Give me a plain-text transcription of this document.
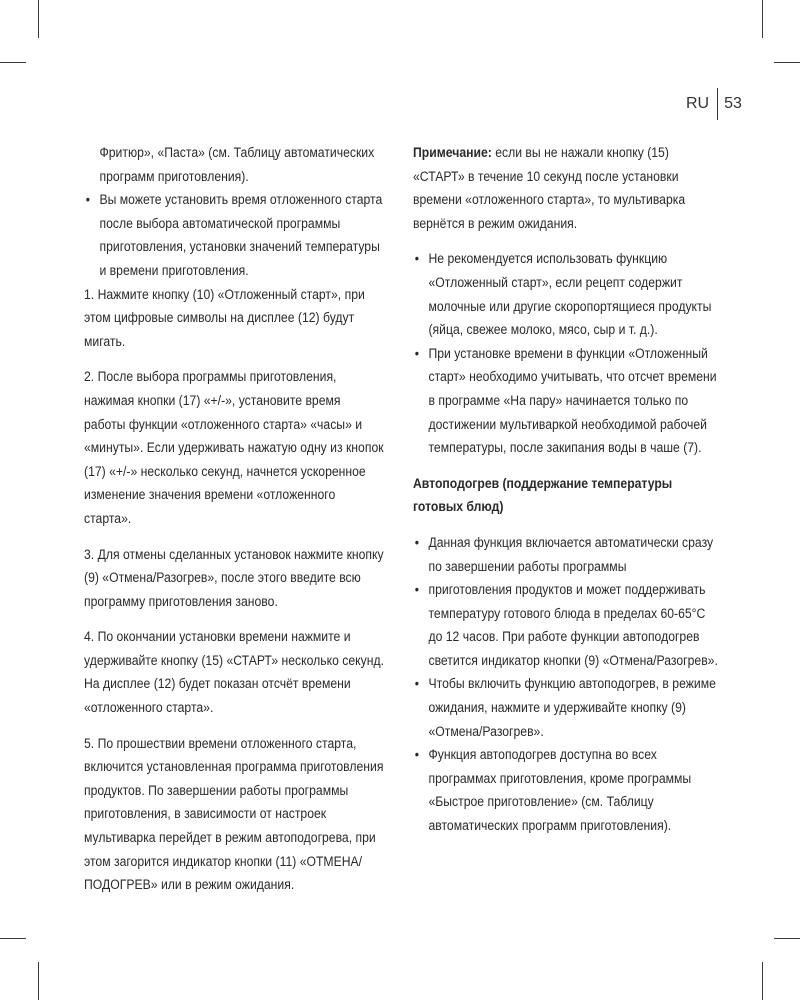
RU 53

Фритюр», «Паста» (см. Таблицу автоматических программ приготовления).

• Вы можете установить время отложенного старта после выбора автоматической программы приготовления, установки значений температуры и времени приготовления.

1. Нажмите кнопку (10) «Отложенный старт», при этом цифровые символы на дисплее (12) будут мигать.

2. После выбора программы приготовления, нажимая кнопки (17) «+/-», установите время работы функции «отложенного старта» «часы» и «минуты». Если удерживать нажатую одну из кнопок (17) «+/-» несколько секунд, начнется ускоренное изменение значения времени «отложенного старта».

3. Для отмены сделанных установок нажмите кнопку (9) «Отмена/Разогрев», после этого введите всю программу приготовления заново.

4. По окончании установки времени нажмите и удерживайте кнопку (15) «СТАРТ» несколько секунд. На дисплее (12) будет показан отсчёт времени «отложенного старта».

5. По прошествии времени отложенного старта, включится установленная программа приготовления продуктов. По завершении работы программы приготовления, в зависимости от настроек мультиварка перейдет в режим автоподогрева, при этом загорится индикатор кнопки (11) «ОТМЕНА/ПОДОГРЕВ» или в режим ожидания.

Примечание: если вы не нажали кнопку (15) «СТАРТ» в течение 10 секунд после установки времени «отложенного старта», то мультиварка вернётся в режим ожидания.

• Не рекомендуется использовать функцию «Отложенный старт», если рецепт содержит молочные или другие скоропортящиеся продукты (яйца, свежее молоко, мясо, сыр и т. д.).
• При установке времени в функции «Отложенный старт» необходимо учитывать, что отсчет времени в программе «На пару» начинается только по достижении мультиваркой необходимой рабочей температуры, после закипания воды в чаше (7).
Автоподогрев (поддержание температуры готовых блюд)
• Данная функция включается автоматически сразу по завершении работы программы
• приготовления продуктов и может поддерживать температуру готового блюда в пределах 60-65°C до 12 часов. При работе функции автоподогрев светится индикатор кнопки (9) «Отмена/Разогрев».
• Чтобы включить функцию автоподогрев, в режиме ожидания, нажмите и удерживайте кнопку (9) «Отмена/Разогрев».
• Функция автоподогрев доступна во всех программах приготовления, кроме программы «Быстрое приготовление» (см. Таблицу автоматических программ приготовления).
